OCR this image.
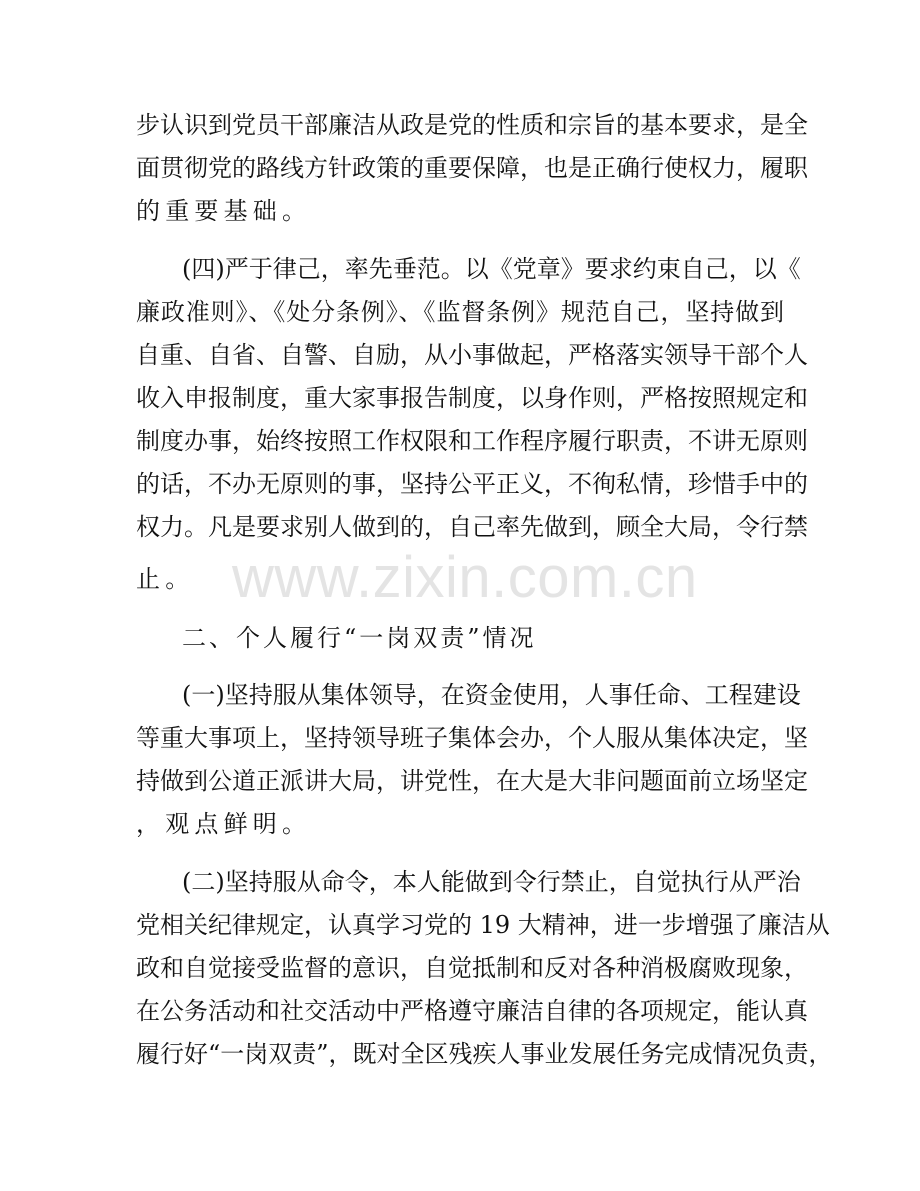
www.zixin.com.cn
步认识到党员干部廉洁从政是党的性质和宗旨的基本要求，是全
面贯彻党的路线方针政策的重要保障，也是正确行使权力，履职
的重要基础。
(四)严于律己，率先垂范。以《党章》要求约束自己，以《
廉政准则》、《处分条例》、《监督条例》规范自己，坚持做到
自重、自省、自警、自励，从小事做起，严格落实领导干部个人
收入申报制度，重大家事报告制度，以身作则，严格按照规定和
制度办事，始终按照工作权限和工作程序履行职责，不讲无原则
的话，不办无原则的事，坚持公平正义，不徇私情，珍惜手中的
权力。凡是要求别人做到的，自己率先做到，顾全大局，令行禁
止。
二、个人履行“一岗双责”情况
(一)坚持服从集体领导，在资金使用，人事任命、工程建设
等重大事项上，坚持领导班子集体会办，个人服从集体决定，坚
持做到公道正派讲大局，讲党性，在大是大非问题面前立场坚定
，观点鲜明。
(二)坚持服从命令，本人能做到令行禁止，自觉执行从严治
党相关纪律规定，认真学习党的 19 大精神，进一步增强了廉洁从
政和自觉接受监督的意识，自觉抵制和反对各种消极腐败现象，
在公务活动和社交活动中严格遵守廉洁自律的各项规定，能认真
履行好“一岗双责”，既对全区残疾人事业发展任务完成情况负责，
